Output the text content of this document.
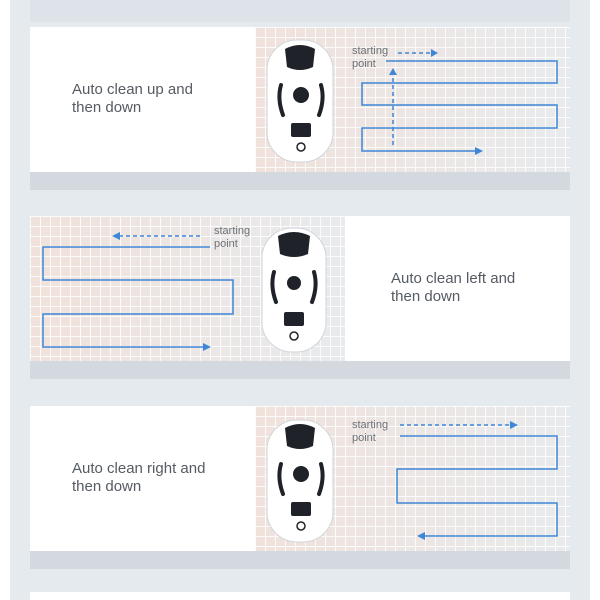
Auto clean up and
then down
starting
point
starting
point
Auto clean left and
then down
Auto clean right and
then down
starting
point
